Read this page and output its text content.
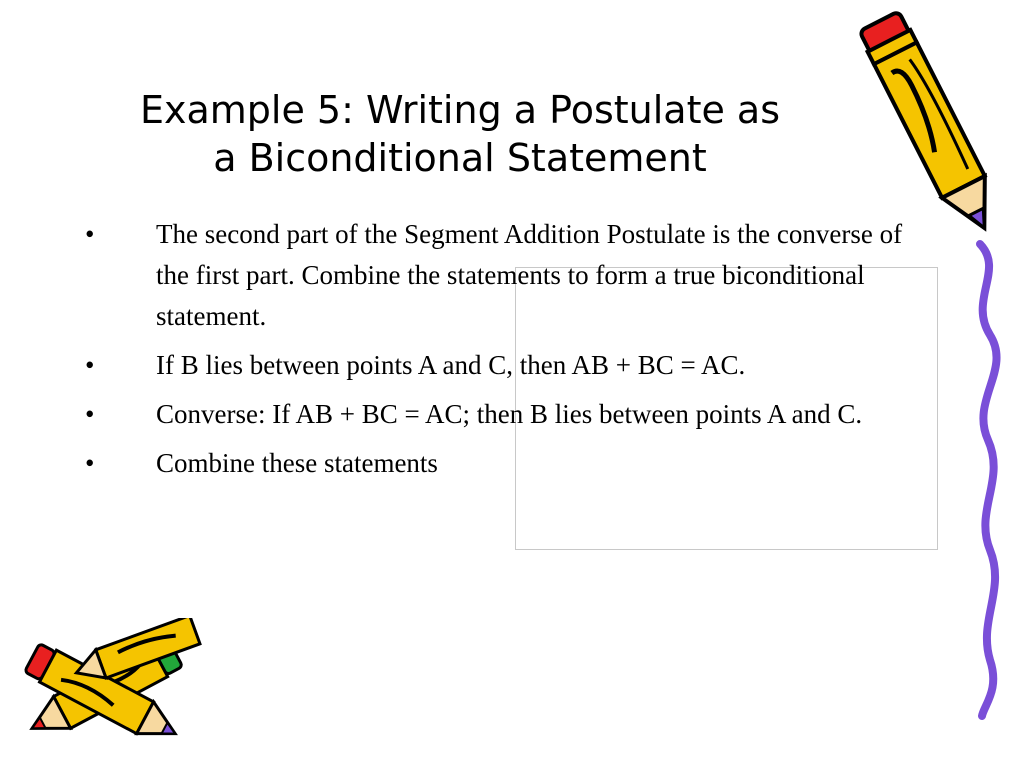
Example 5: Writing a Postulate as
a Biconditional Statement
• The second part of the Segment Addition Postulate is the converse of the first part. Combine the statements to form a true biconditional statement.
• If B lies between points A and C, then AB + BC = AC.
• Converse: If AB + BC = AC; then B lies between points A and C.
• Combine these statements
